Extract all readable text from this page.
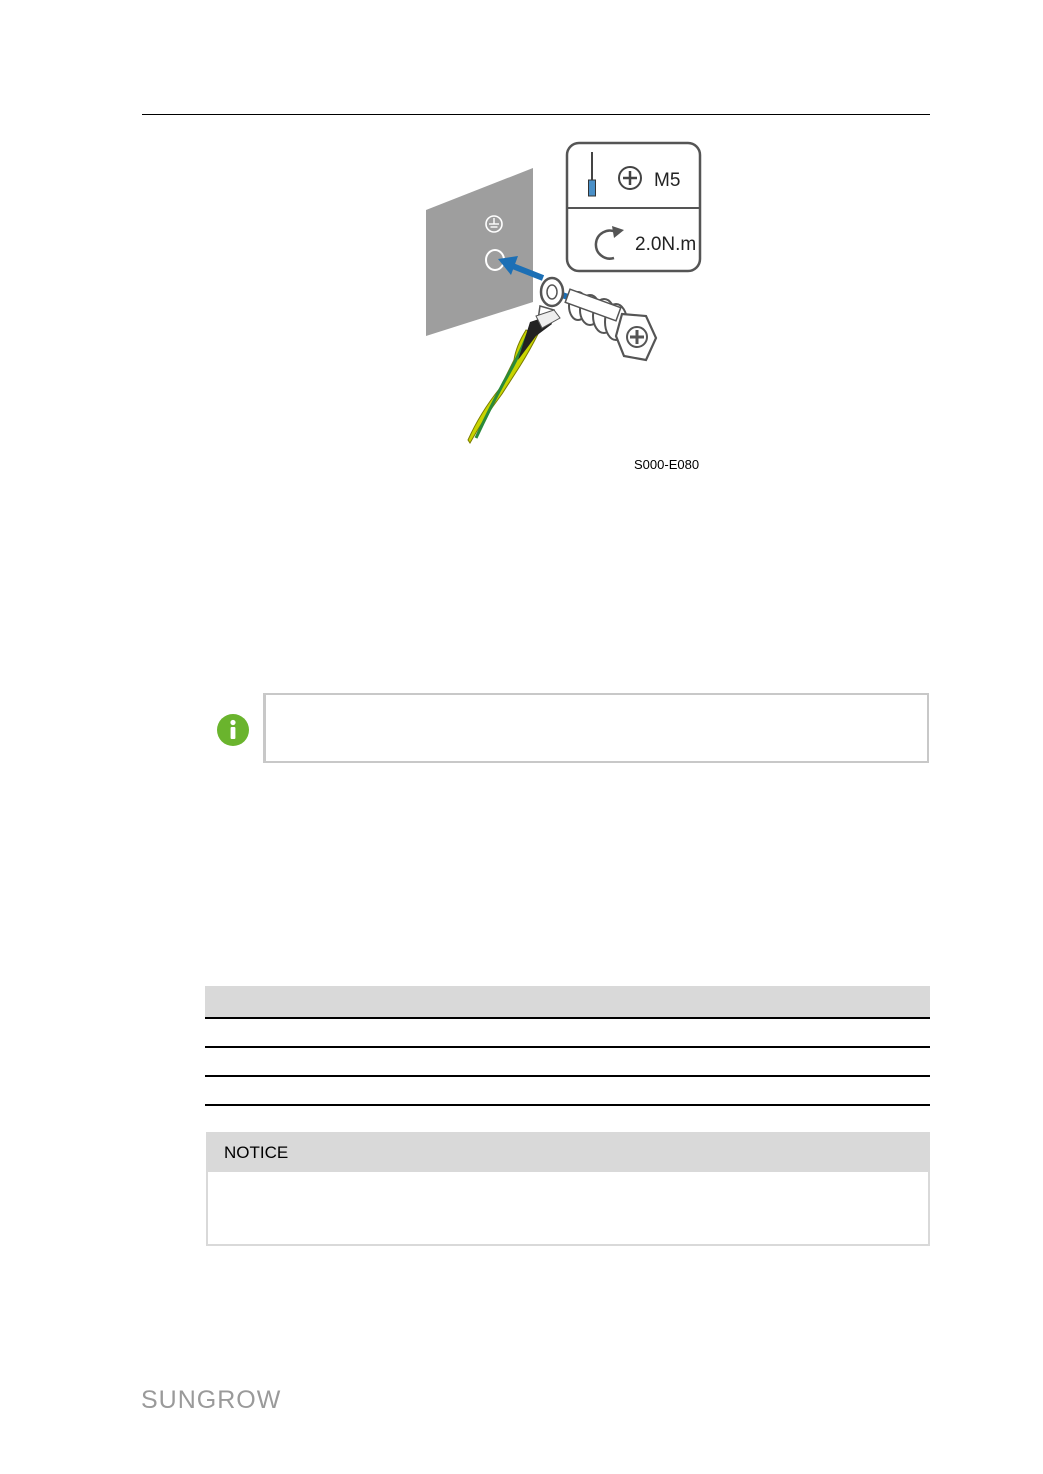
M5
2.0N.m
S000-E080
NOTICE
SUNGROW
